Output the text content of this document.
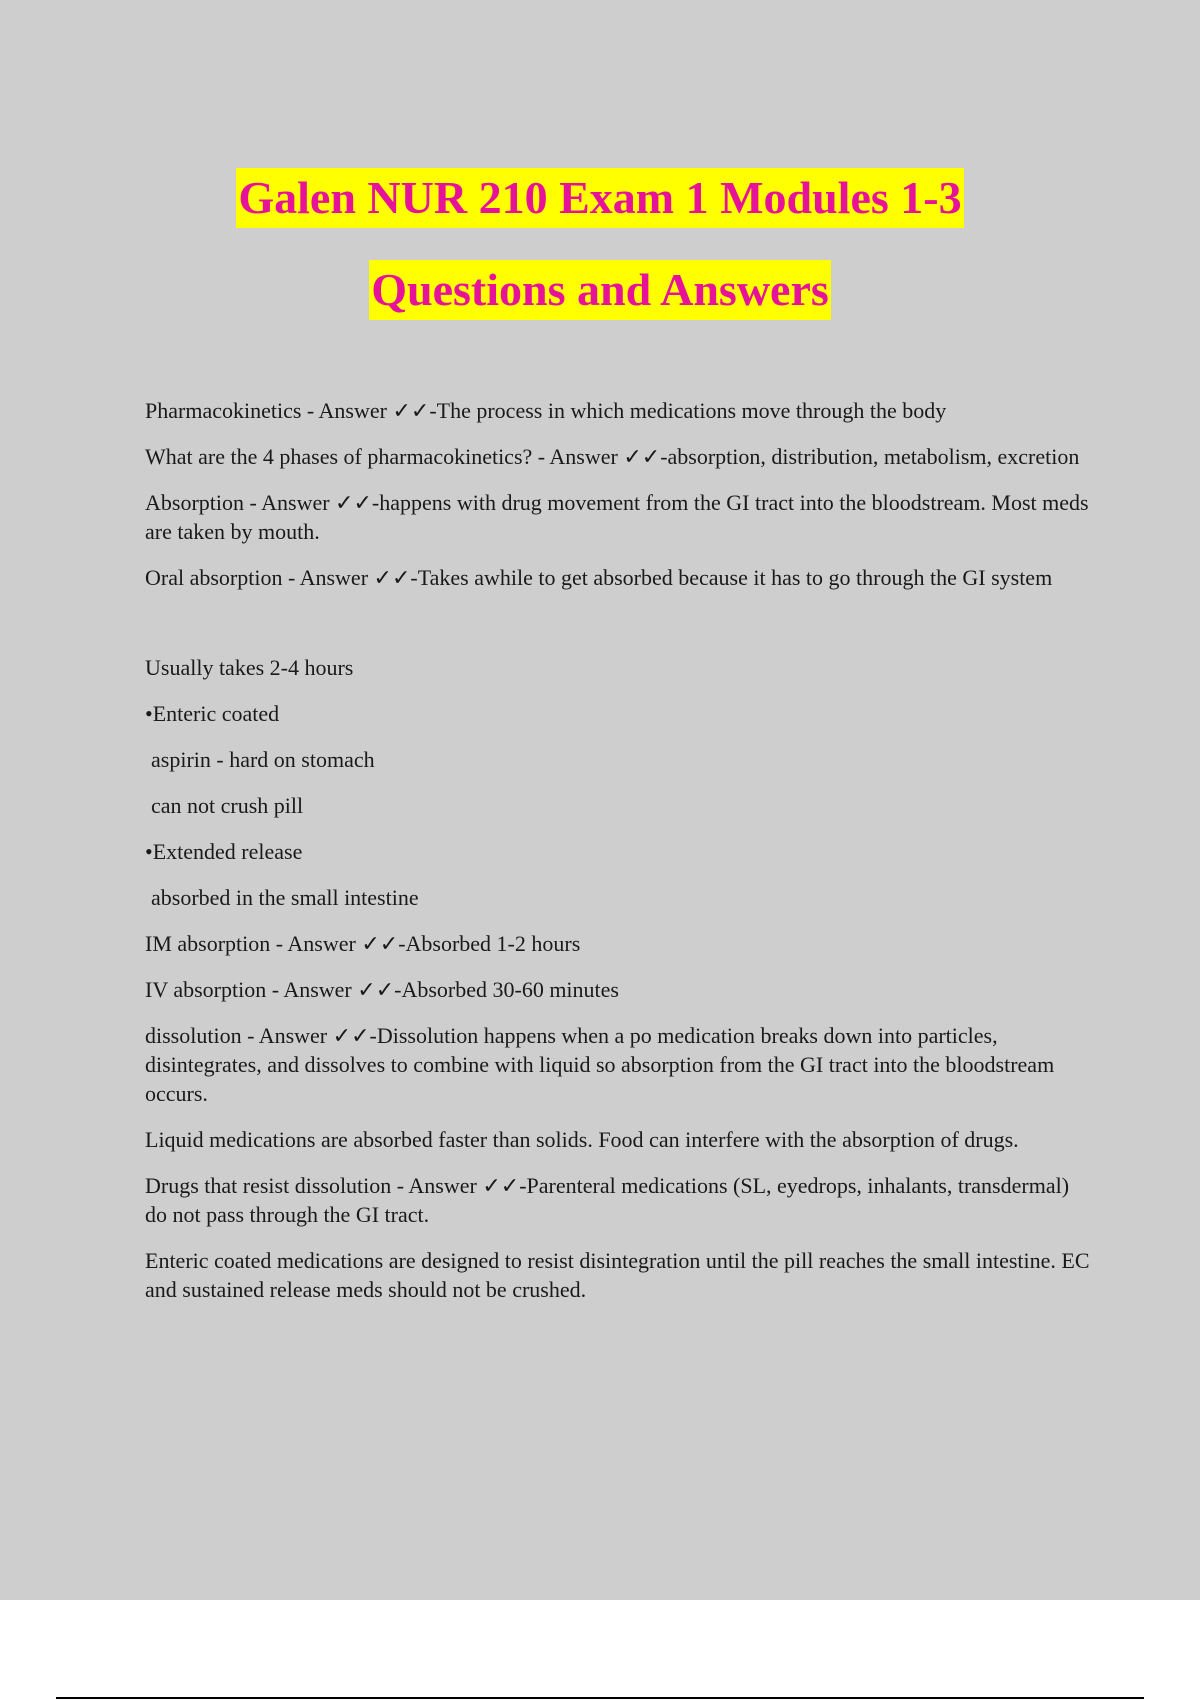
Galen NUR 210 Exam 1 Modules 1-3
Questions and Answers

Pharmacokinetics - Answer ✓✓-The process in which medications move through the body

What are the 4 phases of pharmacokinetics? - Answer ✓✓-absorption, distribution, metabolism, excretion

Absorption - Answer ✓✓-happens with drug movement from the GI tract into the bloodstream. Most meds are taken by mouth.

Oral absorption - Answer ✓✓-Takes awhile to get absorbed because it has to go through the GI system

Usually takes 2-4 hours

•Enteric coated

aspirin - hard on stomach

can not crush pill

•Extended release

absorbed in the small intestine

IM absorption - Answer ✓✓-Absorbed 1-2 hours

IV absorption - Answer ✓✓-Absorbed 30-60 minutes

dissolution - Answer ✓✓-Dissolution happens when a po medication breaks down into particles, disintegrates, and dissolves to combine with liquid so absorption from the GI tract into the bloodstream occurs.

Liquid medications are absorbed faster than solids. Food can interfere with the absorption of drugs.

Drugs that resist dissolution - Answer ✓✓-Parenteral medications (SL, eyedrops, inhalants, transdermal) do not pass through the GI tract.

Enteric coated medications are designed to resist disintegration until the pill reaches the small intestine. EC and sustained release meds should not be crushed.
